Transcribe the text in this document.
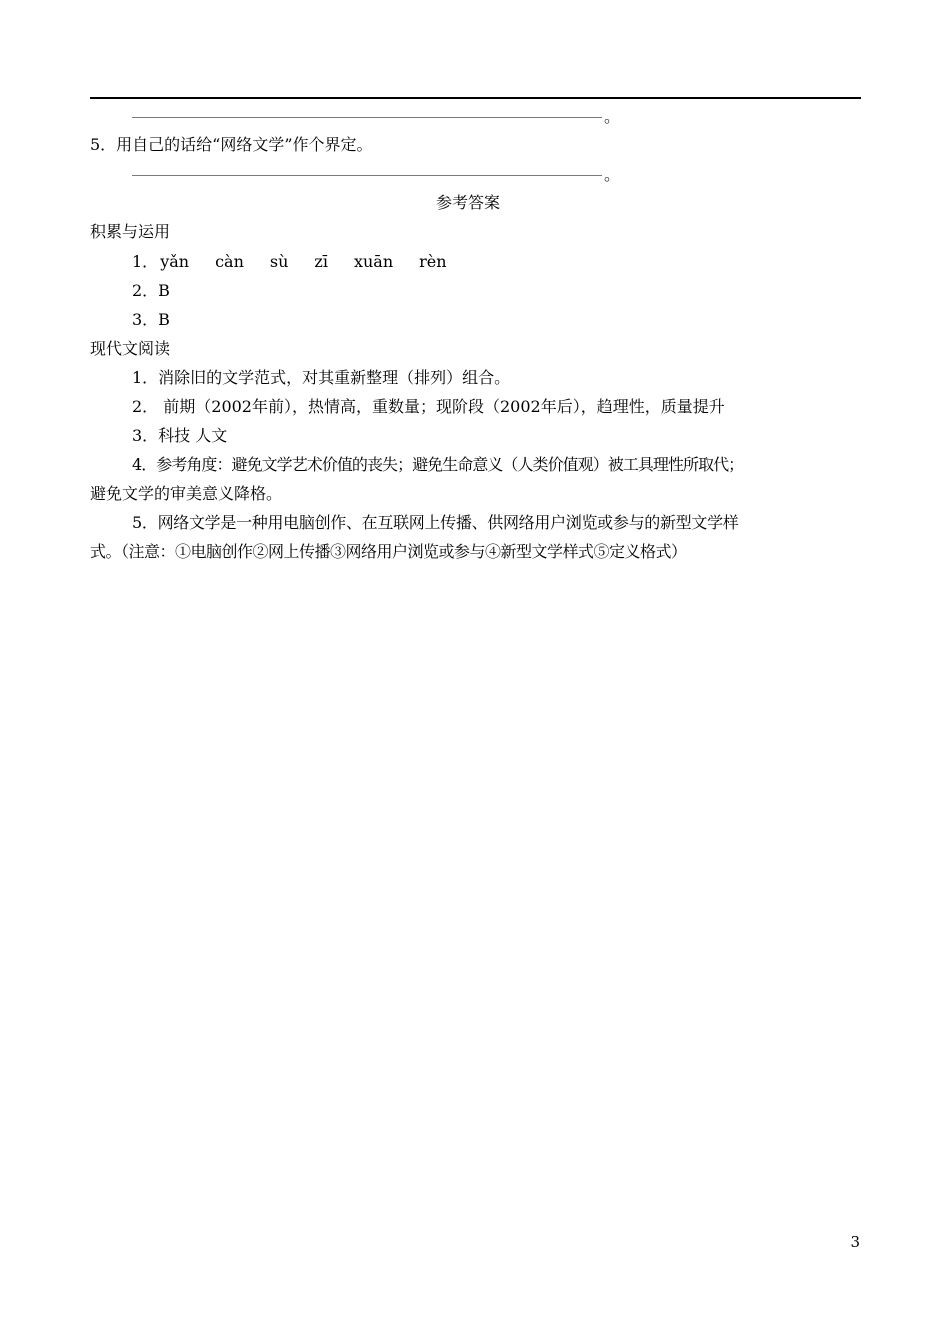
。
5．用自己的话给“网络文学”作个界定。
。
参考答案
积累与运用
1． yǎn càn sù zī xuān rèn
2．B
3．B
现代文阅读
1．消除旧的文学范式，对其重新整理（排列）组合。
2． 前期（2002年前），热情高，重数量；现阶段（2002年后），趋理性，质量提升
3．科技 人文
4．参考角度：避免文学艺术价值的丧失；避免生命意义（人类价值观）被工具理性所取代；
避免文学的审美意义降格。
5．网络文学是一种用电脑创作、在互联网上传播、供网络用户浏览或参与的新型文学样
式。（注意：①电脑创作②网上传播③网络用户浏览或参与④新型文学样式⑤定义格式）
3
